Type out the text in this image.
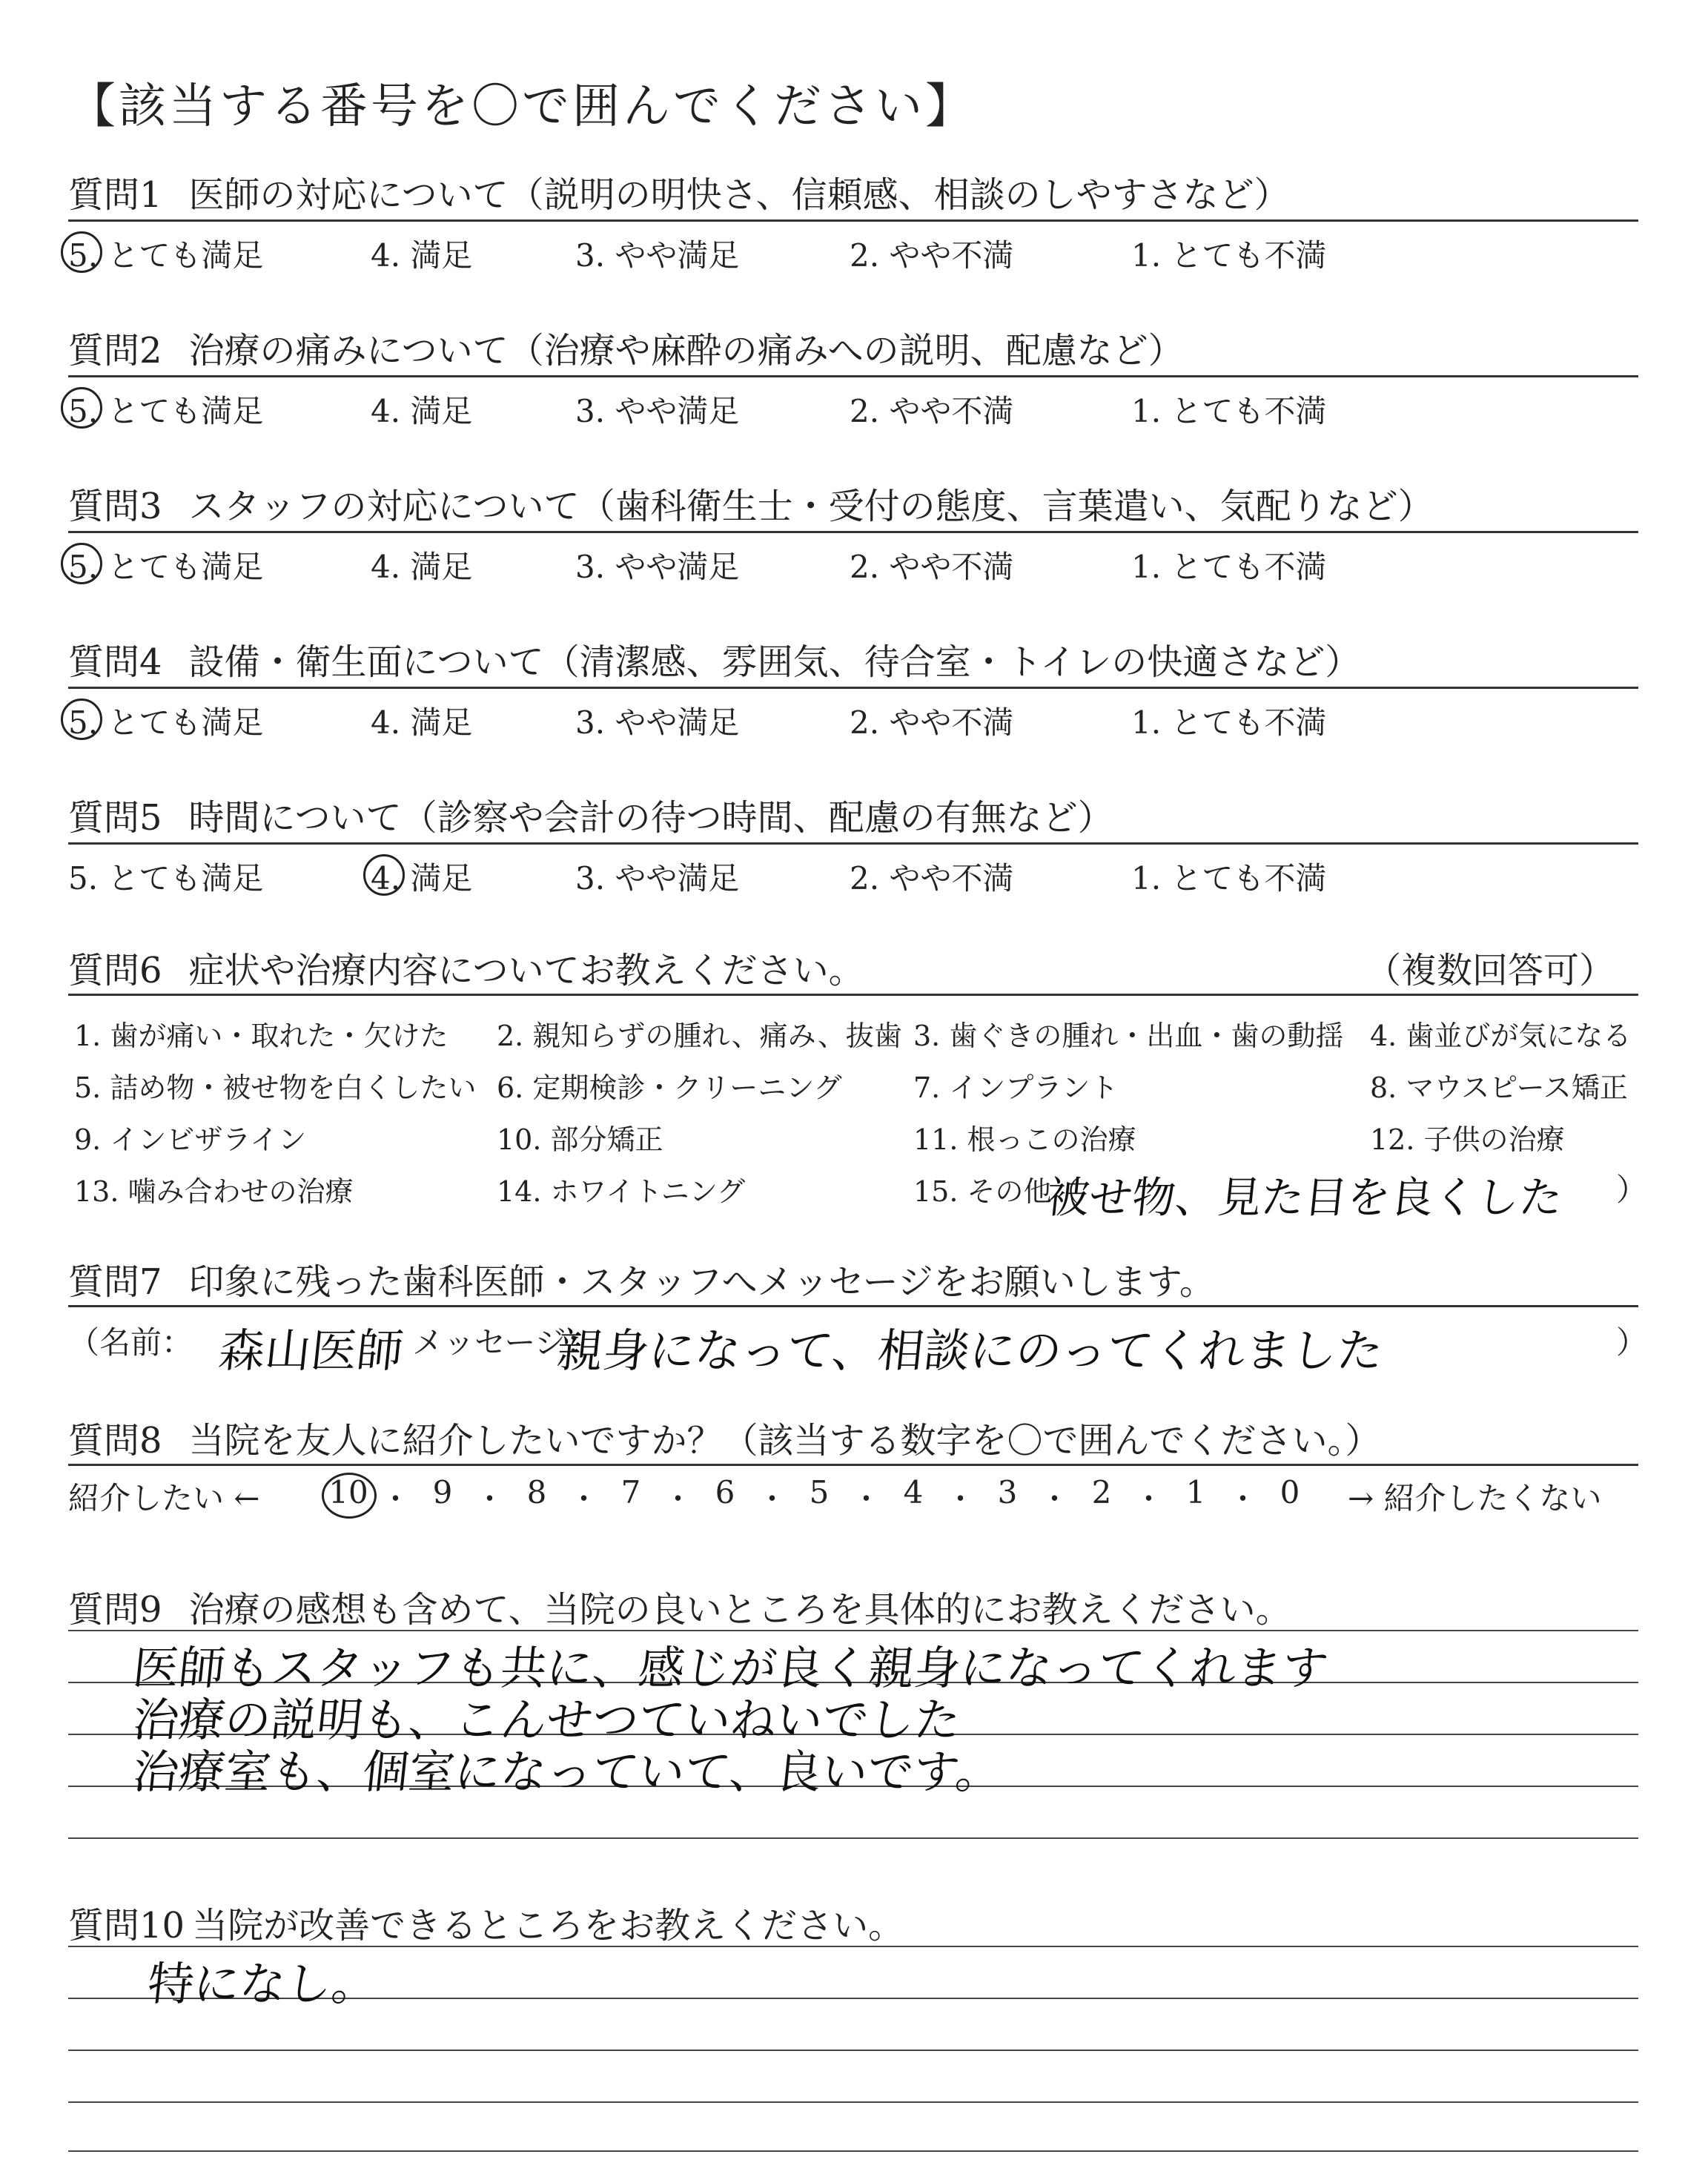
【該当する番号を〇で囲んでください】
質問1 医師の対応について（説明の明快さ、信頼感、相談のしやすさなど）
5. とても満足	4. 満足	3. やや満足	2. やや不満	1. とても不満
質問2 治療の痛みについて（治療や麻酔の痛みへの説明、配慮など）
5. とても満足	4. 満足	3. やや満足	2. やや不満	1. とても不満
質問3 スタッフの対応について（歯科衛生士・受付の態度、言葉遣い、気配りなど）
5. とても満足	4. 満足	3. やや満足	2. やや不満	1. とても不満
質問4 設備・衛生面について（清潔感、雰囲気、待合室・トイレの快適さなど）
5. とても満足	4. 満足	3. やや満足	2. やや不満	1. とても不満
質問5 時間について（診察や会計の待つ時間、配慮の有無など）
5. とても満足	4. 満足	3. やや満足	2. やや不満	1. とても不満
質問6 症状や治療内容についてお教えください。	（複数回答可）
1. 歯が痛い・取れた・欠けた 2. 親知らずの腫れ、痛み、抜歯 3. 歯ぐきの腫れ・出血・歯の動揺 4. 歯並びが気になる
5. 詰め物・被せ物を白くしたい 6. 定期検診・クリーニング	7. インプラント	8. マウスピース矯正
9. インビザライン	10. 部分矯正	11. 根っこの治療	12. 子供の治療
13. 噛み合わせの治療	14. ホワイトニング	15. その他（
被せ物、見た目を良くした ）
質問7 印象に残った歯科医師・スタッフへメッセージをお願いします。
（名前： 森山医師 メッセージ：
親身になって、相談にのってくれました	）
質問8 当院を友人に紹介したいですか？（該当する数字を〇で囲んでください。）
紹介したい ← 10 ・ 9 ・ 8 ・ 7 ・ 6 ・ 5 ・ 4 ・ 3 ・ 2 ・ 1 ・ 0	→ 紹介したくない
質問9 治療の感想も含めて、当院の良いところを具体的にお教えください。
医師もスタッフも共に、感じが良く親身になってくれます
治療の説明も、こんせつていねいでした
治療室も、個室になっていて、良いです。
質問10 当院が改善できるところをお教えください。
特になし。
